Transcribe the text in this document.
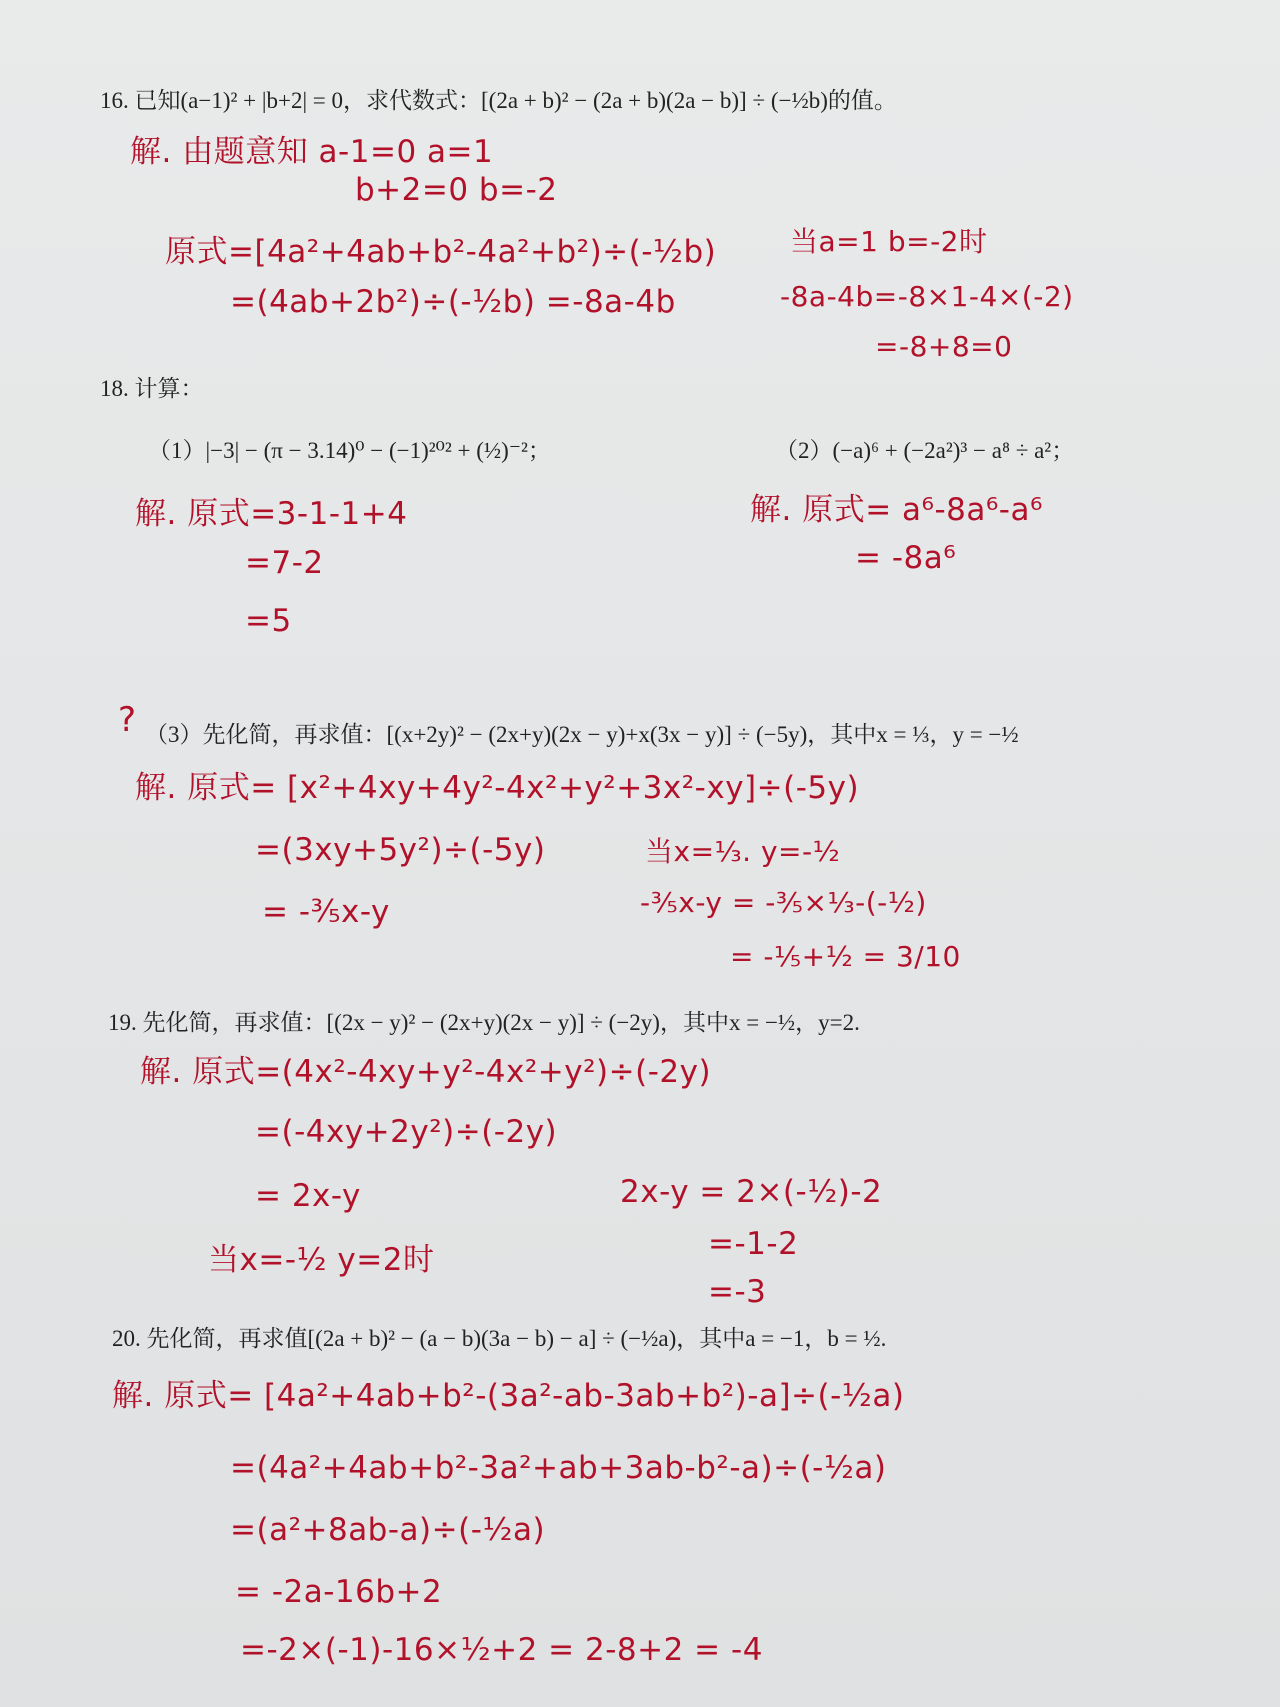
16. 已知(a−1)² + |b+2| = 0，求代数式：[(2a + b)² − (2a + b)(2a − b)] ÷ (−½b)的值。
解. 由题意知 a-1=0 a=1
b+2=0 b=-2
原式=[4a²+4ab+b²-4a²+b²)÷(-½b)
=(4ab+2b²)÷(-½b) =-8a-4b
当a=1 b=-2时
-8a-4b=-8×1-4×(-2)
=-8+8=0
18. 计算：
（1）|−3| − (π − 3.14)⁰ − (−1)²⁰² + (½)⁻²；	（2）(−a)⁶ + (−2a²)³ − a⁸ ÷ a²；
解. 原式=3-1-1+4
=7-2
=5
解. 原式= a⁶-8a⁶-a⁶
= -8a⁶
? （3）先化简，再求值：[(x+2y)² − (2x+y)(2x − y)+x(3x − y)] ÷ (−5y)，其中x = ⅓，y = −½
解. 原式= [x²+4xy+4y²-4x²+y²+3x²-xy]÷(-5y)
=(3xy+5y²)÷(-5y)
= -⅗x-y
当x=⅓. y=-½
-⅗x-y = -⅗×⅓-(-½)
= -⅕+½ = 3/10
19. 先化简，再求值：[(2x − y)² − (2x+y)(2x − y)] ÷ (−2y)，其中x = −½，y=2.
解. 原式=(4x²-4xy+y²-4x²+y²)÷(-2y)
=(-4xy+2y²)÷(-2y)
= 2x-y
当x=-½ y=2时
2x-y = 2×(-½)-2
=-1-2
=-3
20. 先化简，再求值[(2a + b)² − (a − b)(3a − b) − a] ÷ (−½a)，其中a = −1，b = ½.
解. 原式= [4a²+4ab+b²-(3a²-ab-3ab+b²)-a]÷(-½a)
=(4a²+4ab+b²-3a²+ab+3ab-b²-a)÷(-½a)
=(a²+8ab-a)÷(-½a)
= -2a-16b+2
=-2×(-1)-16×½+2 = 2-8+2 = -4
